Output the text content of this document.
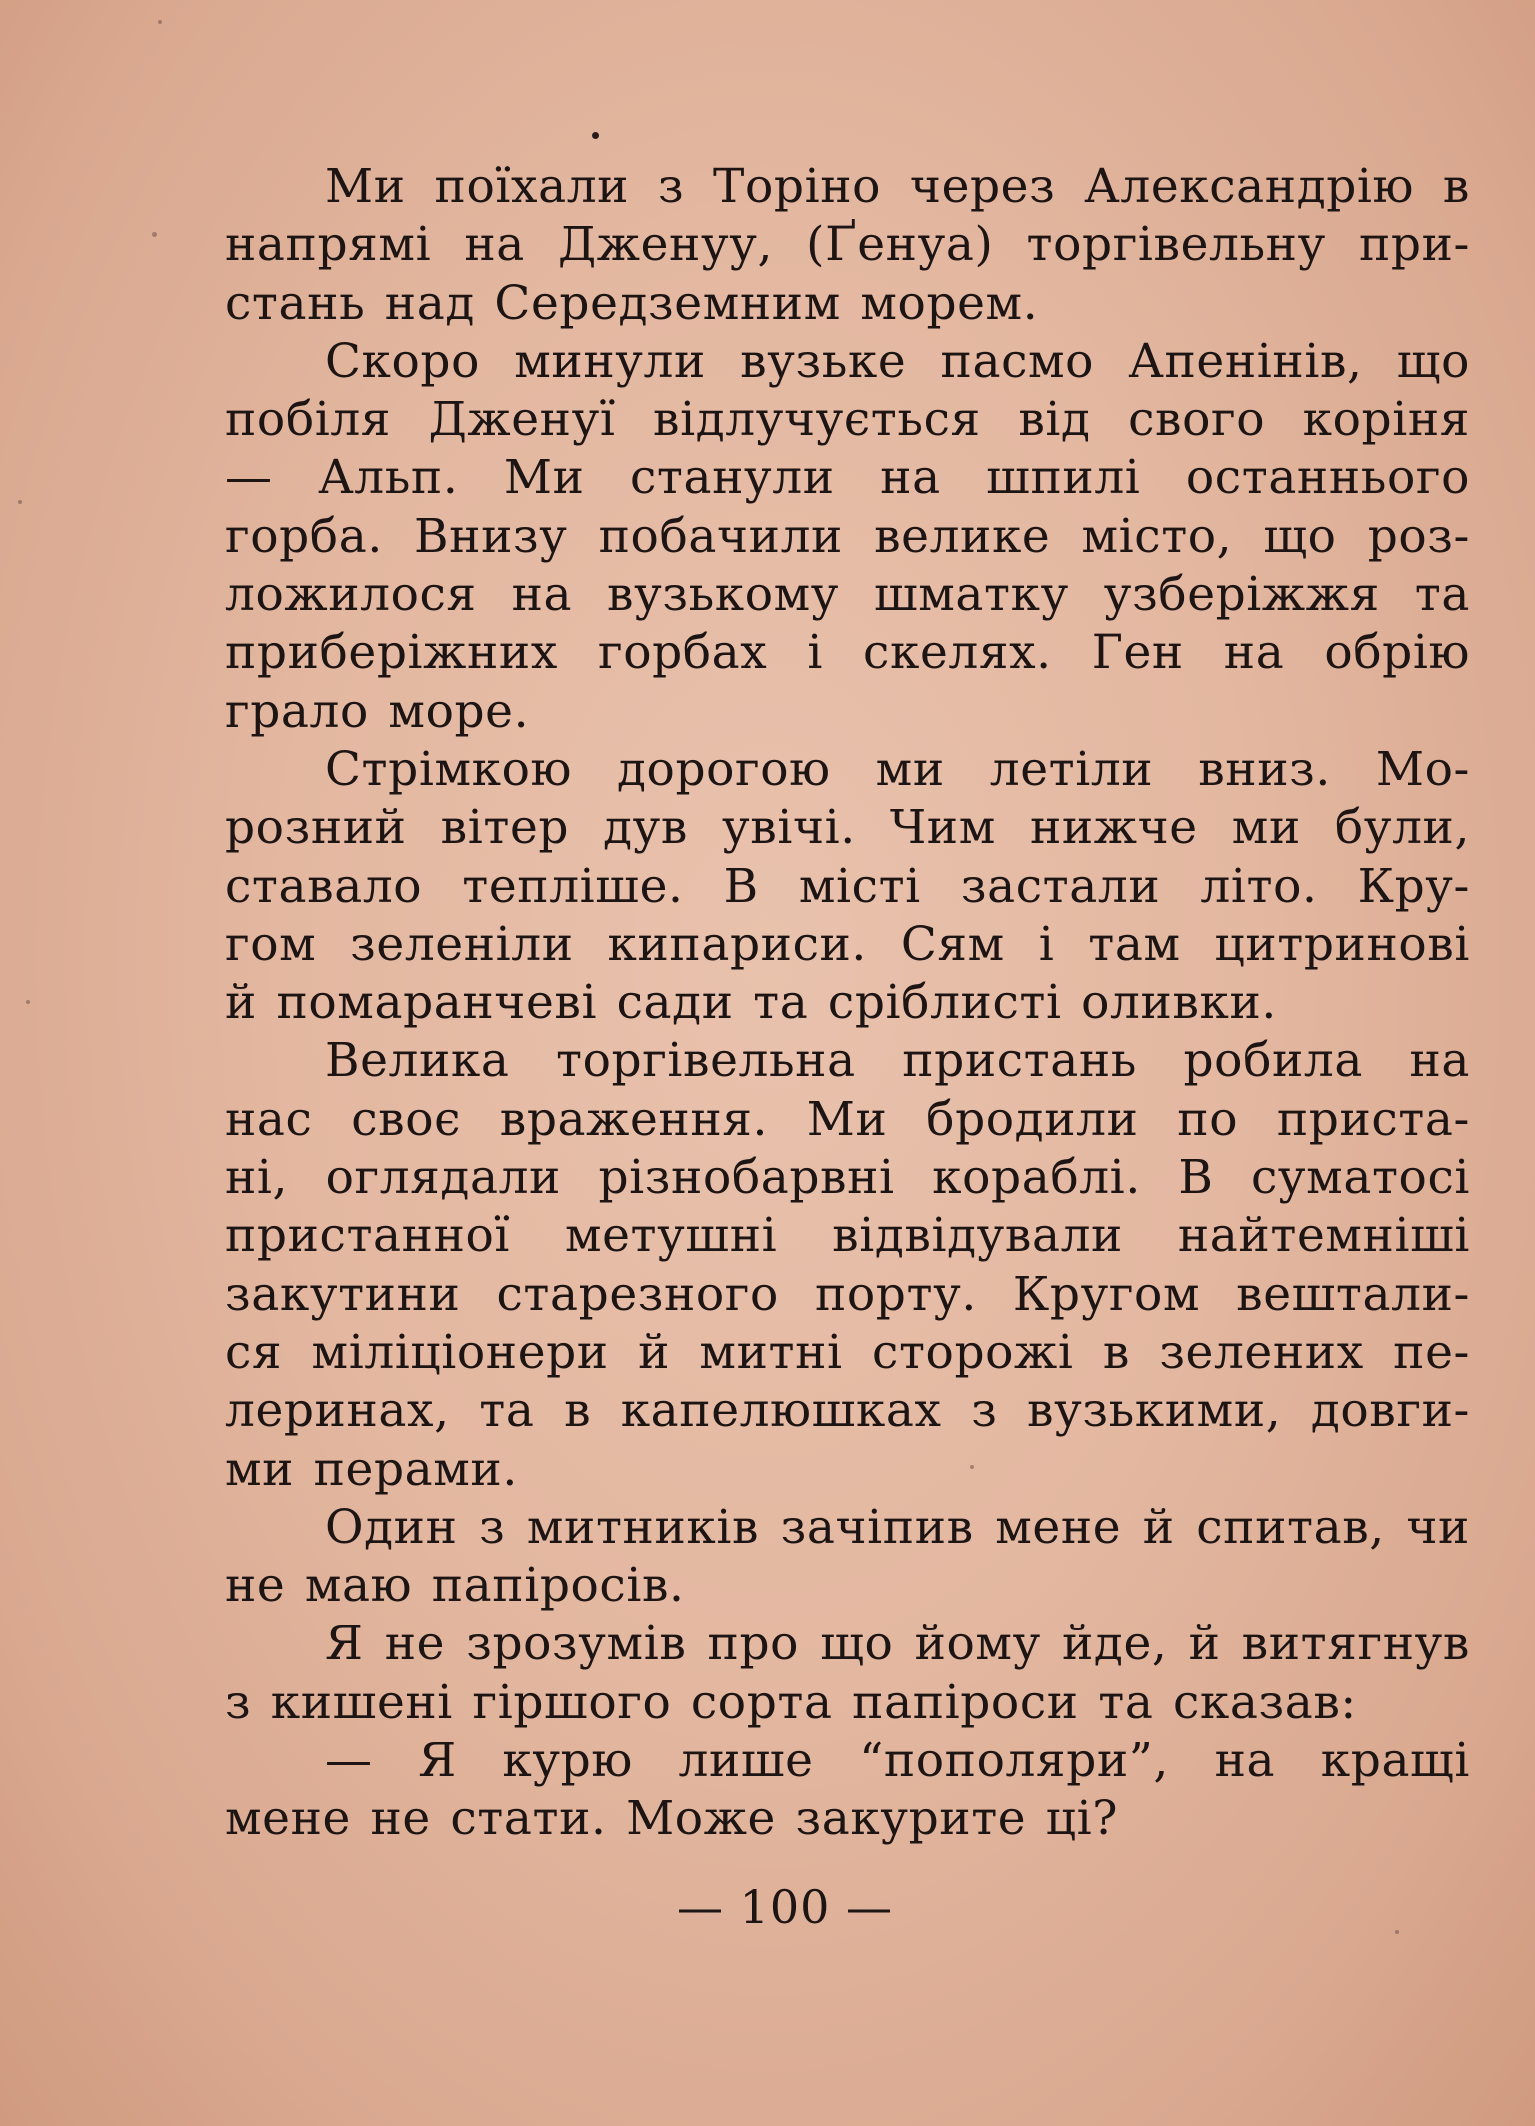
Ми поїхали з Торіно через Александрію в
напрямі на Дженуу, (Ґенуа) торгівельну при-
стань над Середземним морем.

Скоро минули вузьке пасмо Апенінів, що
побіля Дженуї відлучується від свого коріня
— Альп. Ми станули на шпилі останнього
горба. Внизу побачили велике місто, що роз-
ложилося на вузькому шматку узберіжжя та
приберіжних горбах і скелях. Ген на обрію
грало море.

Стрімкою дорогою ми летіли вниз. Мо-
розний вітер дув увічі. Чим нижче ми були,
ставало тепліше. В місті застали літо. Кру-
гом зеленіли кипариси. Сям і там цитринові
й помаранчеві сади та сріблисті оливки.

Велика торгівельна пристань робила на
нас своє враження. Ми бродили по приста-
ні, оглядали різнобарвні кораблі. В суматосі
пристанної метушні відвідували найтемніші
закутини старезного порту. Кругом вештали-
ся міліціонери й митні сторожі в зелених пе-
леринах, та в капелюшках з вузькими, довги-
ми перами.

Один з митників зачіпив мене й спитав, чи
не маю папіросів.

Я не зрозумів про що йому йде, й витягнув
з кишені гіршого сорта папіроси та сказав:

— Я курю лише “пополяри”, на кращі
мене не стати. Може закурите ці?

— 100 —
